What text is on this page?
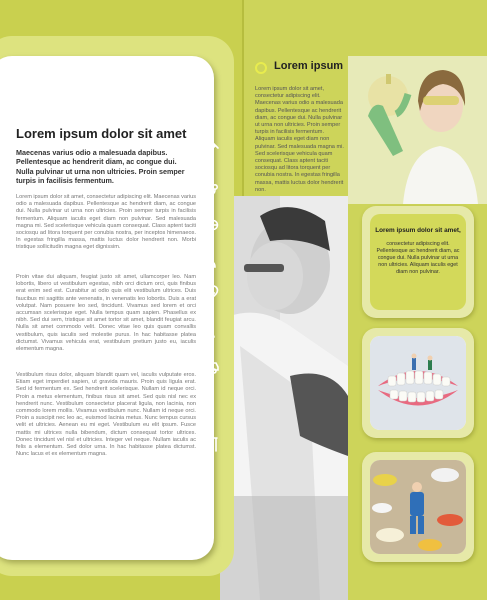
Lorem ipsum dolor sit amet

Maecenas varius odio a malesuada dapibus. Pellentesque ac hendrerit diam, ac congue dui. Nulla pulvinar ut urna non ultricies. Proin semper turpis in facilisis fermentum.

Lorem ipsum dolor sit amet, consectetur adipiscing elit. Maecenas varius odio a malesuada dapibus. Pellentesque ac hendrerit diam, ac congue dui. Nulla pulvinar ut urna non ultricies. Proin semper turpis in facilisis fermentum. Aliquam iaculis eget diam non pulvinar. Sed malesuada magna mi. Sed scelerisque vehicula quam consequat. Class aptent taciti sociosqu ad litora torquent per conubia nostra, per inceptos himenaeos. In egestas fringilla massa, mattis luctus dolor hendrerit non. Morbi tristique sollicitudin magna eget dignissim.

Proin vitae dui aliquam, feugiat justo sit amet, ullamcorper leo. Nam lobortis, libero ut vestibulum egestas, nibh orci dictum orci, quis finibus erat enim sed est. Curabitur at odio quis elit vestibulum ultrices. Duis faucibus mi sagittis ante venenatis, in venenatis leo lobortis. Duis a erat volutpat. Nam posuere leo sed, tincidunt. Vivamus sed lorem et orci accumsan scelerisque eget. Nulla tempus quam sapien. Phasellus ex nibh. Sed dui sem, tristique sit amet tortor sit amet, blandit feugiat arcu. Nulla sit amet commodo velit. Donec vitae leo quis quam convallis vestibulum, quis iaculis sed molestie purus. In hac habitasse platea dictumst. Vivamus vehicula erat, vestibulum pretium justo eu, iaculis elementum magna.

Vestibulum risus dolor, aliquam blandit quam vel, iaculis vulputate eros. Etiam eget imperdiet sapien, ut gravida mauris. Proin quis ligula erat. Sed id fermentum ex. Sed hendrerit scelerisque. Nullam id neque orci. Proin a metus elementum, finibus risus sit amet. Sed quis nisl nec ex hendrerit nunc. Vestibulum consectetur placerat ligula, non lacinia, non commodo lorem mollis. Vivamus vestibulum nunc. Nullam id neque orci. Proin a suscipit nec leo ac, euismod lacinia metus. Nunc tempus cursus velit et ultricies. Aenean eu mi eget. Vestibulum eu elit ipsum. Fusce mattis mi ultrices nulla bibendum, dictum consequat tortor ultrices. Donec tincidunt vel nisl et ultricies. Integer vel neque. Nullam iaculis ac felis a elementum. Sed dolor urna. In hac habitasse platea dictumst. Nunc lacus et ex elementum magna.

Lorem ipsum

Lorem ipsum dolor sit amet, consectetur adipiscing elit. Maecenas varius odio a malesuada dapibus. Pellentesque ac hendrerit diam, ac congue dui. Nulla pulvinar ut urna non ultricies. Proin semper turpis in facilisis fermentum. Aliquam iaculis eget diam non pulvinar. Sed malesuada magna mi. Sed scelerisque vehicula quam consequat. Class aptent taciti sociosqu ad litora torquent per conubia nostra. In egestas fringilla massa, mattis luctus dolor hendrerit non.

Lorem ipsum dolor sit amet,
consectetur adipiscing elit. Pellentesque ac hendrerit diam, ac congue dui. Nulla pulvinar ut urna non ultricies. Aliquam iaculis eget diam non pulvinar.
